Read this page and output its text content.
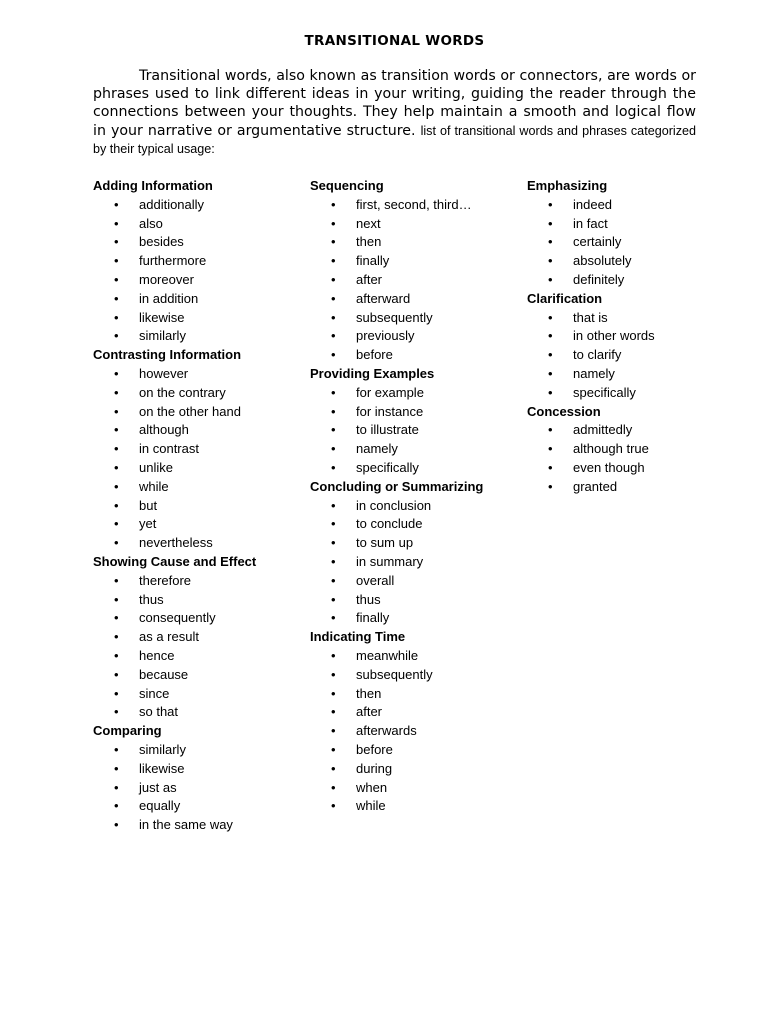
TRANSITIONAL WORDS

Transitional words, also known as transition words or connectors, are words or phrases used to link different ideas in your writing, guiding the reader through the connections between your thoughts. They help maintain a smooth and logical flow in your narrative or argumentative structure. list of transitional words and phrases categorized by their typical usage:

Adding Information
• additionally
• also
• besides
• furthermore
• moreover
• in addition
• likewise
• similarly
Contrasting Information
• however
• on the contrary
• on the other hand
• although
• in contrast
• unlike
• while
• but
• yet
• nevertheless
Showing Cause and Effect
• therefore
• thus
• consequently
• as a result
• hence
• because
• since
• so that
Comparing
• similarly
• likewise
• just as
• equally
• in the same way
Sequencing
• first, second, third…
• next
• then
• finally
• after
• afterward
• subsequently
• previously
• before
Providing Examples
• for example
• for instance
• to illustrate
• namely
• specifically
Concluding or Summarizing
• in conclusion
• to conclude
• to sum up
• in summary
• overall
• thus
• finally
Indicating Time
• meanwhile
• subsequently
• then
• after
• afterwards
• before
• during
• when
• while
Emphasizing
• indeed
• in fact
• certainly
• absolutely
• definitely
Clarification
• that is
• in other words
• to clarify
• namely
• specifically
Concession
• admittedly
• although true
• even though
• granted
